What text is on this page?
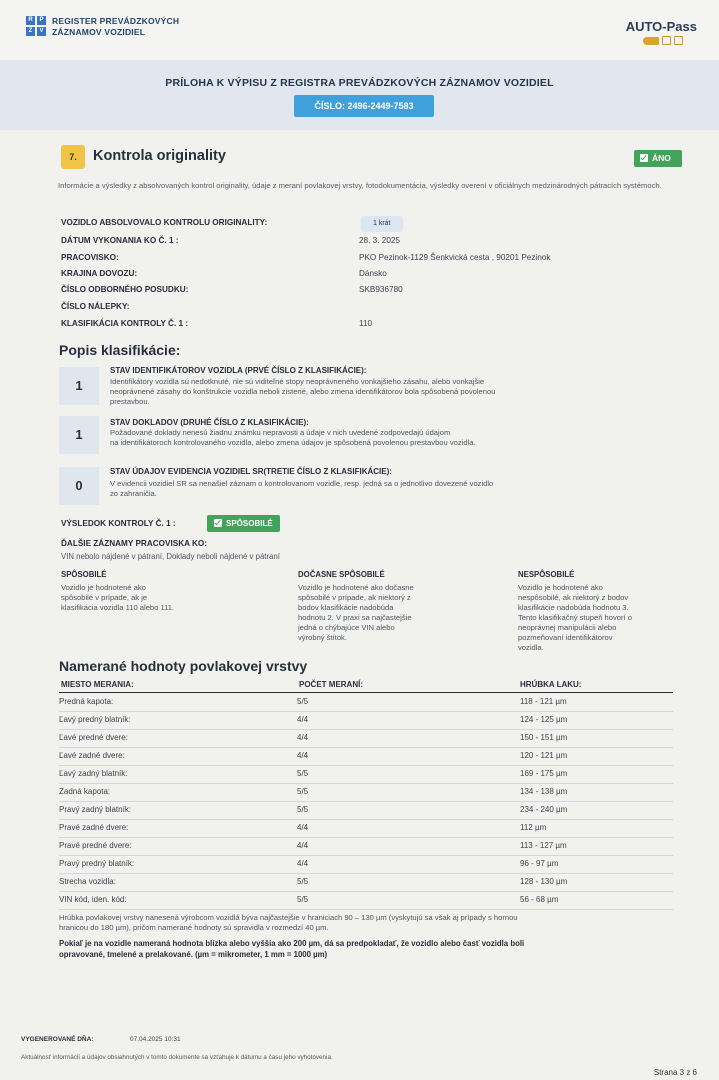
R	P
Z	V
REGISTER PREVÁDZKOVÝCH
ZÁZNAMOV VOZIDIEL	AUTO-Pass
PRÍLOHA K VÝPISU Z REGISTRA PREVÁDZKOVÝCH ZÁZNAMOV VOZIDIEL
ČÍSLO: 2496-2449-7583
7.	Kontrola originality	ÁNO
Informácie a výsledky z absolvovaných kontrol originality, údaje z meraní povlakovej vrstvy, fotodokumentácia, výsledky overení v oficiálnych medzinárodných pátracích systémoch.
VOZIDLO ABSOLVOVALO KONTROLU ORIGINALITY:	1 krát
DÁTUM VYKONANIA KO Č. 1 :	28. 3. 2025
PRACOVISKO:	PKO Pezinok-1129 Šenkvická cesta , 90201 Pezinok
KRAJINA DOVOZU:	Dánsko
ČÍSLO ODBORNÉHO POSUDKU:	SKB936780
ČÍSLO NÁLEPKY:
KLASIFIKÁCIA KONTROLY Č. 1 :	110
Popis klasifikácie:
1
STAV IDENTIFIKÁTOROV VOZIDLA (PRVÉ ČÍSLO Z KLASIFIKÁCIE):
Identifikátory vozidla sú nedotknuté, nie sú viditeľné stopy neoprávneného vonkajšieho zásahu, alebo vonkajšie
neoprávnené zásahy do konštrukcie vozidla neboli zistené, alebo zmena identifikátorov bola spôsobená povolenou
prestavbou.
1
STAV DOKLADOV (DRUHÉ ČÍSLO Z KLASIFIKÁCIE):
Požadované doklady nenesú žiadnu známku nepravosti a údaje v nich uvedené zodpovedajú údajom
na identifikátoroch kontrolovaného vozidla, alebo zmena údajov je spôsobená povolenou prestavbou vozidla.
0
STAV ÚDAJOV EVIDENCIA VOZIDIEL SR(TRETIE ČÍSLO Z KLASIFIKÁCIE):
V evidencii vozidiel SR sa nenašiel záznam o kontrolovanom vozidle, resp. jedná sa o jednotlivo dovezené vozidlo
zo zahraničia.
VÝSLEDOK KONTROLY Č. 1 :	SPÔSOBILÉ
ĎALŠIE ZÁZNAMY PRACOVISKA KO:
VIN nebolo nájdené v pátraní, Doklady neboli nájdené v pátraní
SPÔSOBILÉ
Vozidlo je hodnotené ako
spôsobilé v prípade, ak je
klasifikácia vozidla 110 alebo 111.
DOČASNE SPÔSOBILÉ
Vozidlo je hodnotené ako dočasne
spôsobilé v prípade, ak niektorý z
bodov klasifikácie nadobúda
hodnotu 2. V praxi sa najčastejšie
jedná o chýbajúce VIN alebo
výrobný štítok.
NESPÔSOBILÉ
Vozidlo je hodnotené ako
nespôsobilé, ak niektorý z bodov
klasifikácie nadobúda hodnotu 3.
Tento klasifikačný stupeň hovorí o
neoprávnej manipulácii alebo
pozmeňovaní identifikátorov
vozidla.
Namerané hodnoty povlakovej vrstvy
MIESTO MERANIA:	POČET MERANÍ:	HRÚBKA LAKU:
Predná kapota:	5/5	118 - 121 µm
Ľavý predný blatník:	4/4	124 - 125 µm
Ľavé predné dvere:	4/4	150 - 151 µm
Ľavé zadné dvere:	4/4	120 - 121 µm
Ľavý zadný blatník:	5/5	169 - 175 µm
Zadná kapota:	5/5	134 - 138 µm
Pravý zadný blatník:	5/5	234 - 240 µm
Pravé zadné dvere:	4/4	112 µm
Pravé predné dvere:	4/4	113 - 127 µm
Pravý predný blatník:	4/4	96 - 97 µm
Strecha vozidla:	5/5	128 - 130 µm
VIN kód, iden. kód:	5/5	56 - 68 µm
Hrúbka povlakovej vrstvy nanesená výrobcom vozidlá býva najčastejšie v hraniciach 90 – 130 µm (vyskytujú sa však aj prípady s hornou
hranicou do 180 µm), pričom namerané hodnoty sú spravidla v rozmedzí 40 µm.
Pokiaľ je na vozidle nameraná hodnota blízka alebo vyššia ako 200 µm, dá sa predpokladať, že vozidlo alebo časť vozidla boli
opravované, tmelené a prelakované. (µm = mikrometer, 1 mm = 1000 µm)
VYGENEROVANÉ DŇA:	07.04.2025 10:31
Aktuálnosť informácií a údajov obsiahnutých v tomto dokumente sa vzťahuje k dátumu a času jeho vyhotovenia.
Strana 3 z 6
